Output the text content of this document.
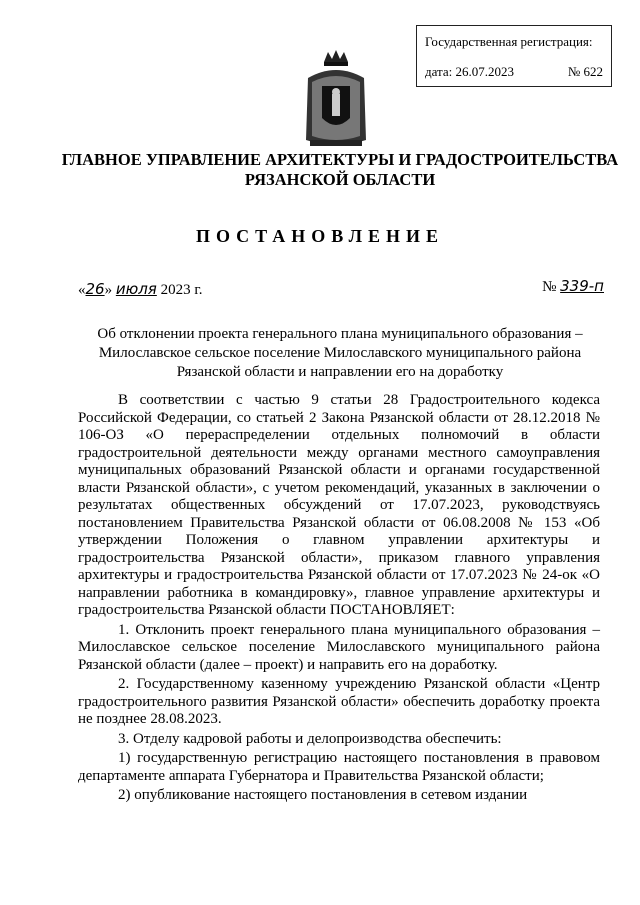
Государственная регистрация:
дата: 26.07.2023	№ 622
ГЛАВНОЕ УПРАВЛЕНИЕ АРХИТЕКТУРЫ И ГРАДОСТРОИТЕЛЬСТВА
РЯЗАНСКОЙ ОБЛАСТИ
ПОСТАНОВЛЕНИЕ
«26» июля 2023 г.	№ 339-п
Об отклонении проекта генерального плана муниципального образования – Милославское сельское поселение Милославского муниципального района Рязанской области и направлении его на доработку

В соответствии с частью 9 статьи 28 Градостроительного кодекса Российской Федерации, со статьей 2 Закона Рязанской области от 28.12.2018 № 106-ОЗ «О перераспределении отдельных полномочий в области градостроительной деятельности между органами местного самоуправления муниципальных образований Рязанской области и органами государственной власти Рязанской области», с учетом рекомендаций, указанных в заключении о результатах общественных обсуждений от 17.07.2023, руководствуясь постановлением Правительства Рязанской области от 06.08.2008 № 153 «Об утверждении Положения о главном управлении архитектуры и градостроительства Рязанской области», приказом главного управления архитектуры и градостроительства Рязанской области от 17.07.2023 № 24-ок «О направлении работника в командировку», главное управление архитектуры и градостроительства Рязанской области ПОСТАНОВЛЯЕТ:

1. Отклонить проект генерального плана муниципального образования – Милославское сельское поселение Милославского муниципального района Рязанской области (далее – проект) и направить его на доработку.

2. Государственному казенному учреждению Рязанской области «Центр градостроительного развития Рязанской области» обеспечить доработку проекта не позднее 28.08.2023.

3. Отделу кадровой работы и делопроизводства обеспечить:

1) государственную регистрацию настоящего постановления в правовом департаменте аппарата Губернатора и Правительства Рязанской области;

2) опубликование настоящего постановления в сетевом издании
